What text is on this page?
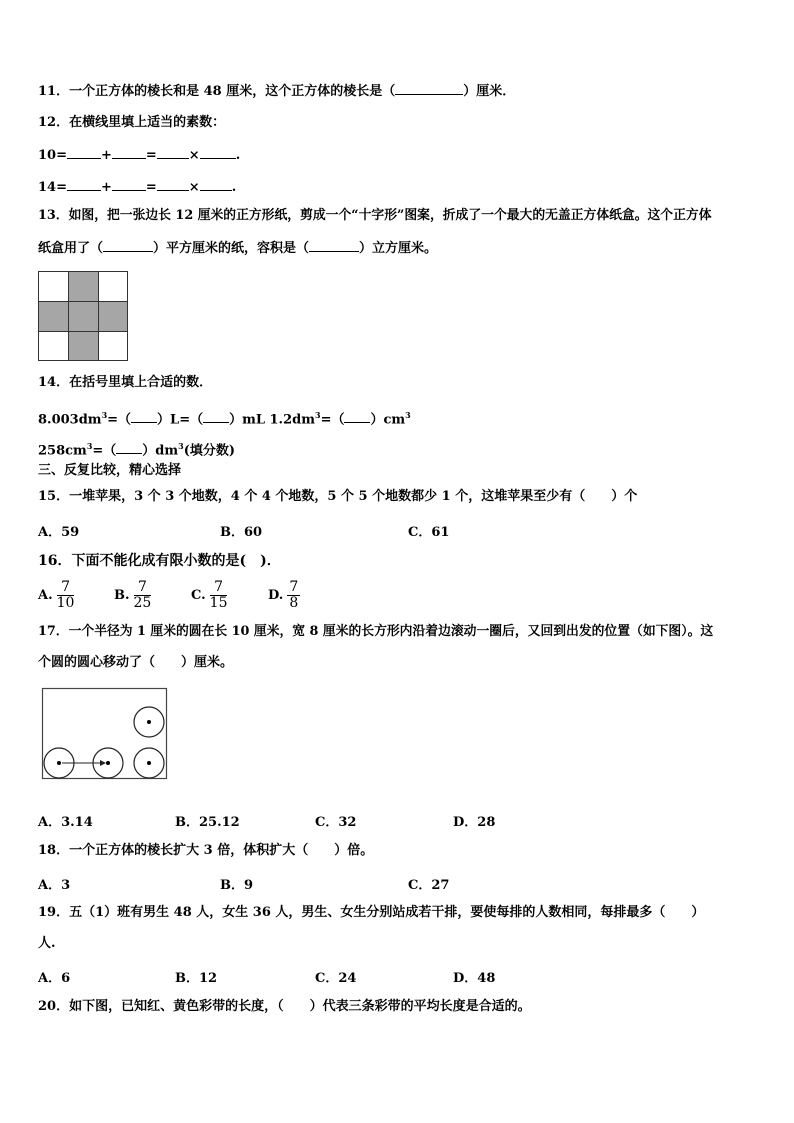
11．一个正方体的棱长和是 48 厘米，这个正方体的棱长是（	）厘米．
12．在横线里填上适当的素数：
10=	+	= ×	.
14=	+	= × .
13．如图，把一张边长 12 厘米的正方形纸，剪成一个“十字形”图案，折成了一个最大的无盖正方体纸盒。这个正方体
纸盒用了（	）平方厘米的纸，容积是（	）立方厘米。
14．在括号里填上合适的数．
$8.003dm^3=$（ ）L=（ ）mL $1.2dm^3=$（ ）$cm^3$
$258cm^3=$（ ）$dm^3$(填分数)
三、反复比较，精心选择
15．一堆苹果，3 个 3 个地数，4 个 4 个地数，5 个 5 个地数都少 1 个，这堆苹果至少有（　　）个
A．59	B．60	C．61
16．下面不能化成有限小数的是(　)．
A. $\frac{7}{10}$	B. $\frac{7}{25}$	C. $\frac{7}{15}$	D. $\frac{7}{8}$
17．一个半径为 1 厘米的圆在长 10 厘米，宽 8 厘米的长方形内沿着边滚动一圈后，又回到出发的位置（如下图）。这
个圆的圆心移动了（　　）厘米。
A．3.14	B．25.12	C．32	D．28
18．一个正方体的棱长扩大 3 倍，体积扩大（　　）倍。
A．3	B．9	C．27
19．五（1）班有男生 48 人，女生 36 人，男生、女生分别站成若干排，要使每排的人数相同，每排最多（　　）
人.
A．6	B．12	C．24	D．48
20．如下图，已知红、黄色彩带的长度，（　　）代表三条彩带的平均长度是合适的。
